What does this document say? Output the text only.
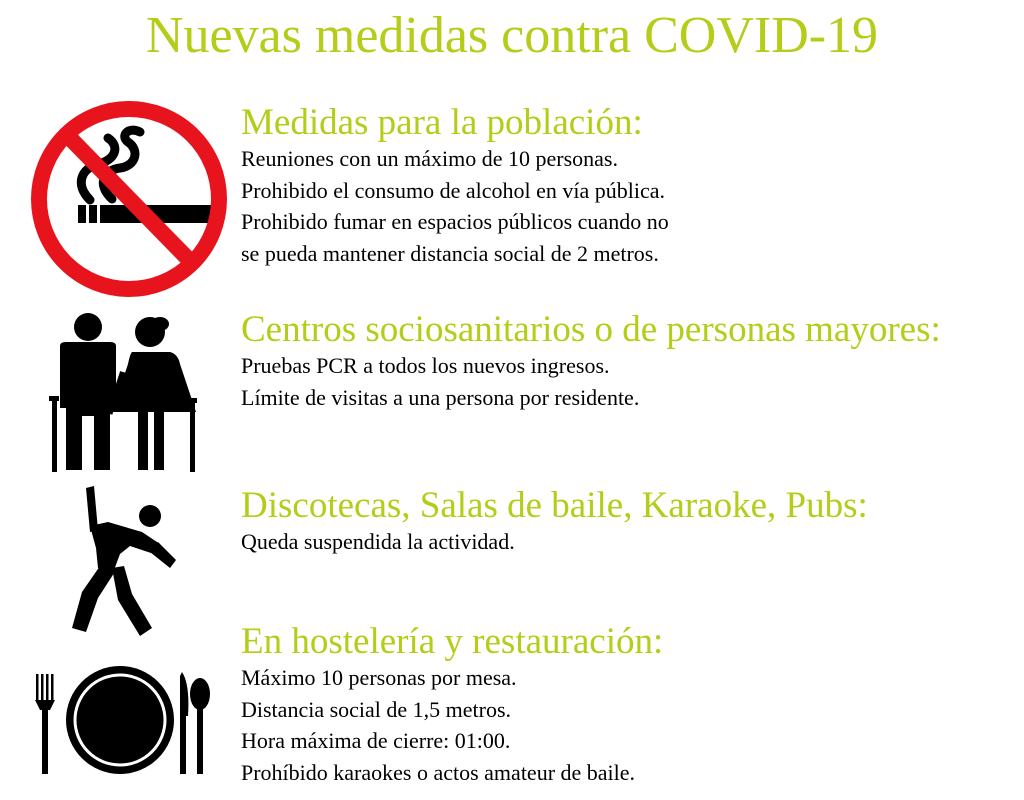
Nuevas medidas contra COVID-19
Medidas para la población:
Reuniones con un máximo de 10 personas.
Prohibido el consumo de alcohol en vía pública.
Prohibido fumar en espacios públicos cuando no
se pueda mantener distancia social de 2 metros.
Centros sociosanitarios o de personas mayores:
Pruebas PCR a todos los nuevos ingresos.
Límite de visitas a una persona por residente.
Discotecas, Salas de baile, Karaoke, Pubs:
Queda suspendida la actividad.
En hostelería y restauración:
Máximo 10 personas por mesa.
Distancia social de 1,5 metros.
Hora máxima de cierre: 01:00.
Prohíbido karaokes o actos amateur de baile.
